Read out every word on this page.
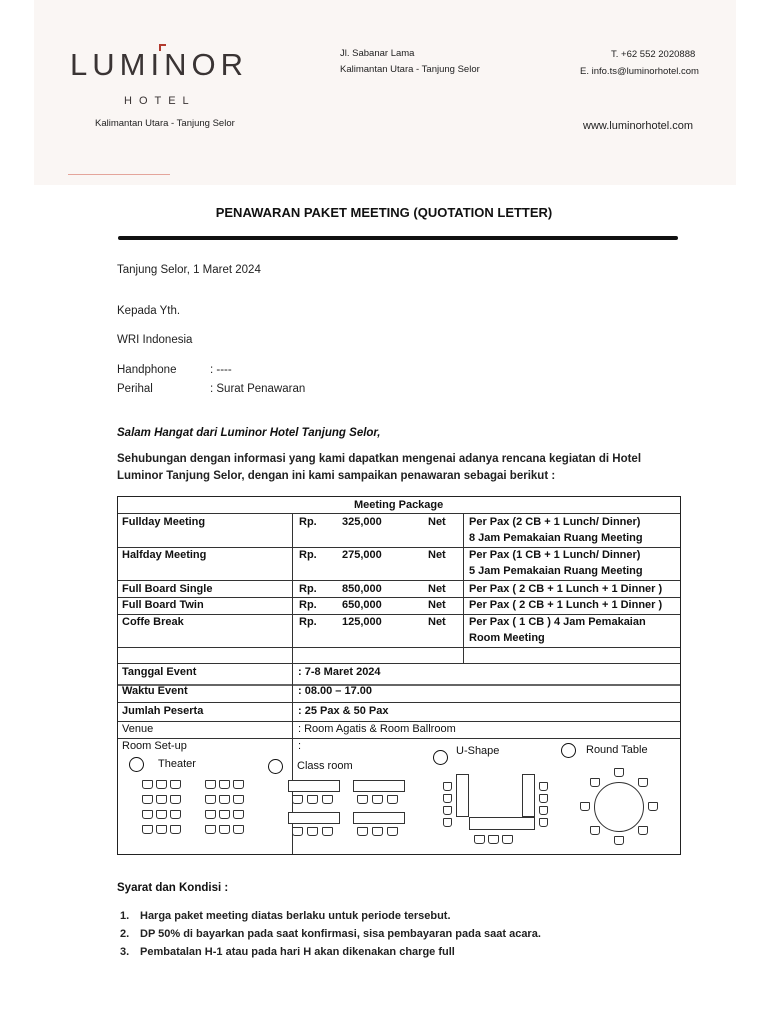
LUMINOR
HOTEL
Kalimantan Utara - Tanjung Selor
Jl. Sabanar Lama
Kalimantan Utara - Tanjung Selor
T. +62 552 2020888
E. info.ts@luminorhotel.com
www.luminorhotel.com
PENAWARAN PAKET MEETING (QUOTATION LETTER)
Tanjung Selor, 1 Maret 2024
Kepada Yth.
WRI Indonesia
Handphone	: ----
Perihal	: Surat Penawaran
Salam Hangat dari Luminor Hotel Tanjung Selor,
Sehubungan dengan informasi yang kami dapatkan mengenai adanya rencana kegiatan di Hotel
Luminor Tanjung Selor, dengan ini kami sampaikan penawaran sebagai berikut :
Meeting Package
Fullday Meeting	Rp. 325,000	Net Per Pax (2 CB + 1 Lunch/ Dinner)
8 Jam Pemakaian Ruang Meeting
Halfday Meeting	Rp. 275,000	Net Per Pax (1 CB + 1 Lunch/ Dinner)
5 Jam Pemakaian Ruang Meeting
Full Board Single	Rp. 850,000	Net Per Pax ( 2 CB + 1 Lunch + 1 Dinner )
Full Board Twin	Rp. 650,000	Net Per Pax ( 2 CB + 1 Lunch + 1 Dinner )
Coffe Break	Rp. 125,000	Net Per Pax ( 1 CB ) 4 Jam Pemakaian
Room Meeting
Tanggal Event	: 7-8 Maret 2024
Waktu Event	: 08.00 – 17.00
Jumlah Peserta	: 25 Pax & 50 Pax
Venue	: Room Agatis & Room Ballroom
Room Set-up	:
Theater	Class room
U-Shape	Round Table
Syarat dan Kondisi :
1. Harga paket meeting diatas berlaku untuk periode tersebut.
2. DP 50% di bayarkan pada saat konfirmasi, sisa pembayaran pada saat acara.
3. Pembatalan H-1 atau pada hari H akan dikenakan charge full
